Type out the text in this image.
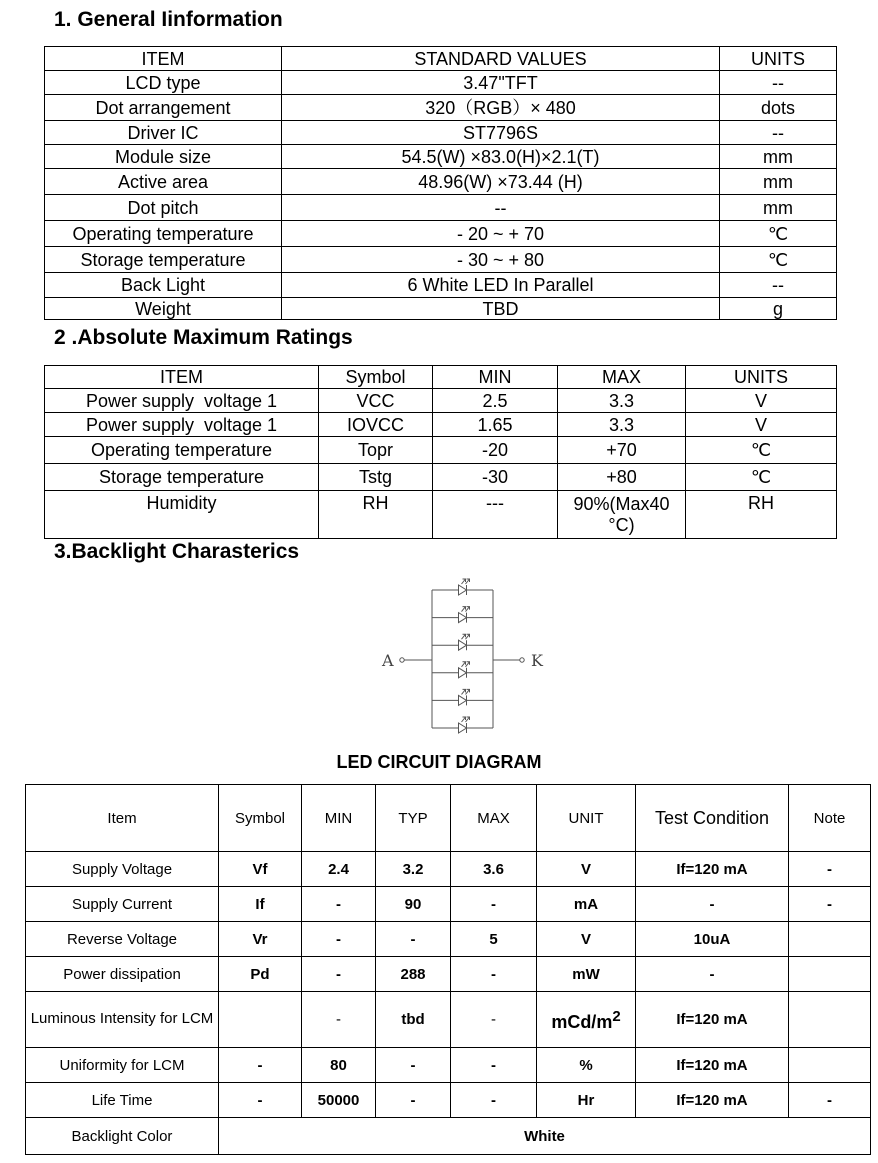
1. General Iinformation
ITEM	STANDARD VALUES	UNITS
LCD type	3.47"TFT	--
Dot arrangement	320（RGB）× 480	dots
Driver IC	ST7796S	--
Module size	54.5(W) ×83.0(H)×2.1(T)	mm
Active area	48.96(W) ×73.44 (H)	mm
Dot pitch	--	mm
Operating temperature	- 20 ~ + 70	℃
Storage temperature	- 30 ~ + 80	℃
Back Light	6 White LED In Parallel	--
Weight	TBD	g
2 .Absolute Maximum Ratings
ITEM	Symbol	MIN	MAX	UNITS
Power supply  voltage 1	VCC	2.5	3.3	V
Power supply  voltage 1	IOVCC	1.65	3.3	V
Operating temperature	Topr	-20	+70	℃
Storage temperature	Tstg	-30	+80	℃
Humidity	RH	---	90%(Max40 °C)	RH
3.Backlight Charasterics
A	K

LED CIRCUIT DIAGRAM

Item	Symbol	MIN	TYP	MAX	UNIT	Test Condition	Note
Supply Voltage	Vf	2.4	3.2	3.6	V	If=120 mA	-
Supply Current	If	-	90	-	mA	-	-
Reverse Voltage	Vr	-	-	5	V	10uA	
Power dissipation	Pd	-	288	-	mW	-	
Luminous Intensity for LCM		-	tbd	-	mCd/$m^2$	If=120 mA	
Uniformity for LCM	-	80	-	-	%	If=120 mA	
Life Time	-	50000	-	-	Hr	If=120 mA	-
Backlight Color	White						
